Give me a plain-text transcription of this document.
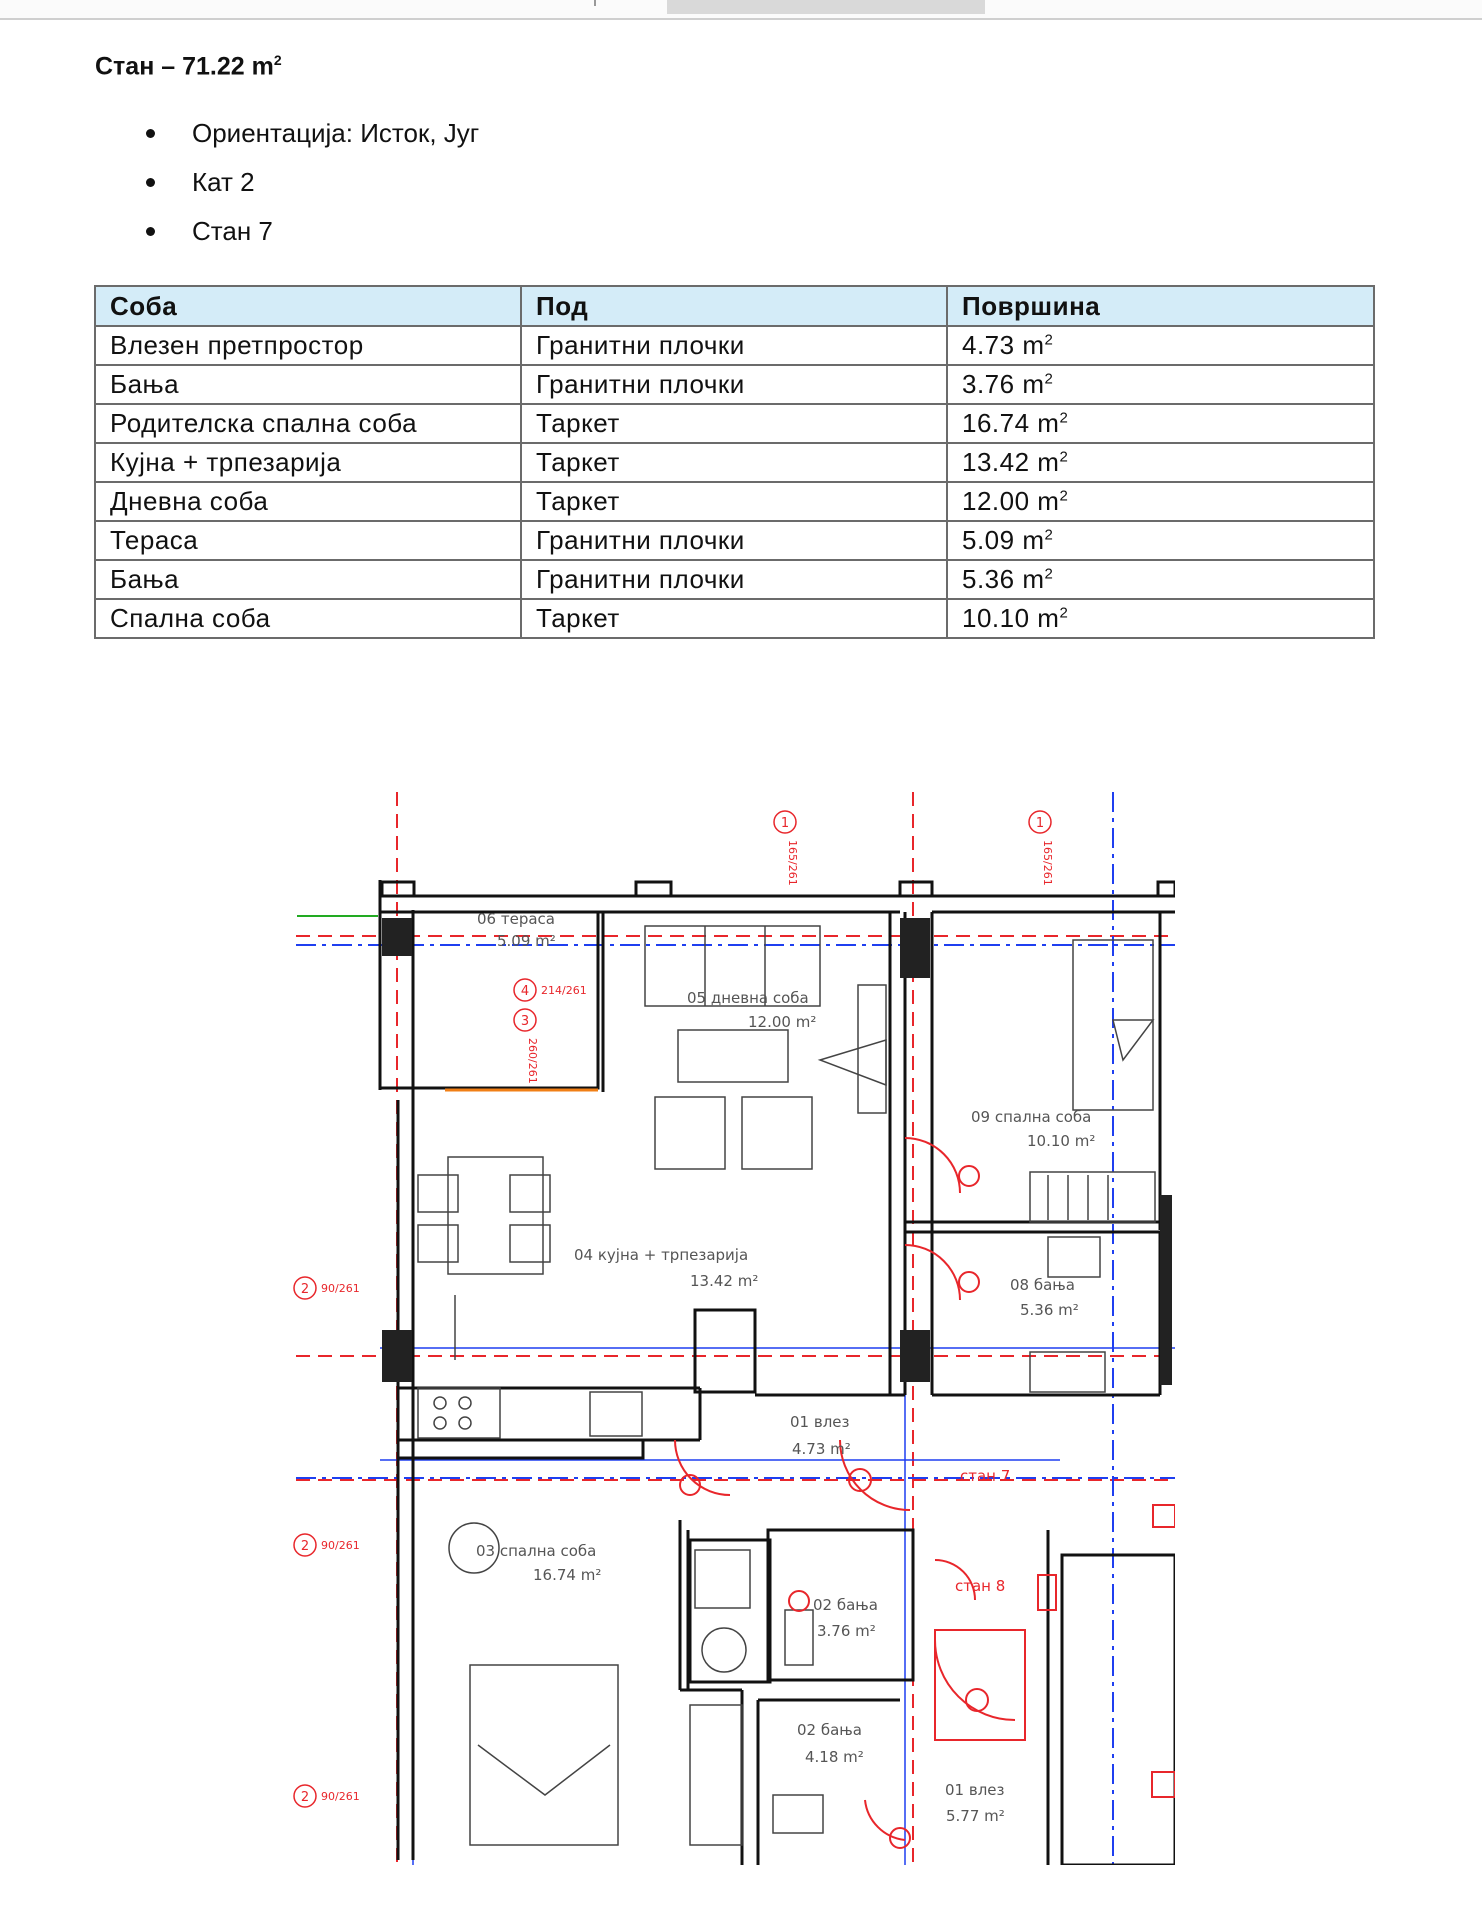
Стан – 71.22 $m^2$
Ориентација: Исток, Југ
Кат 2
Стан 7
Соба	Под	Површина
Влезен претпростор	Гранитни плочки	4.73 $m^2$
Бања	Гранитни плочки	3.76 $m^2$
Родителска спална соба	Таркет	16.74 $m^2$
Кујна + трпезарија	Таркет	13.42 $m^2$
Дневна соба	Таркет	12.00 $m^2$
Тераса	Гранитни плочки	5.09 $m^2$
Бања	Гранитни плочки	5.36 $m^2$
Спална соба	Таркет	10.10 $m^2$
1
165/261
1
165/261
2 90/261
2 90/261
2 90/261
4 214/261
3
260/261
06 тераса
5.09 m²
05 дневна соба
12.00 m²
09 спална соба
10.10 m²
04 кујна + трпезарија
13.42 m²	08 бања
5.36 m²
01 влез
4.73 m²
03 спална соба
16.74 m²
02 бања
3.76 m²
02 бања
4.18 m²
01 влез
5.77 m²
стан 7
стан 8
